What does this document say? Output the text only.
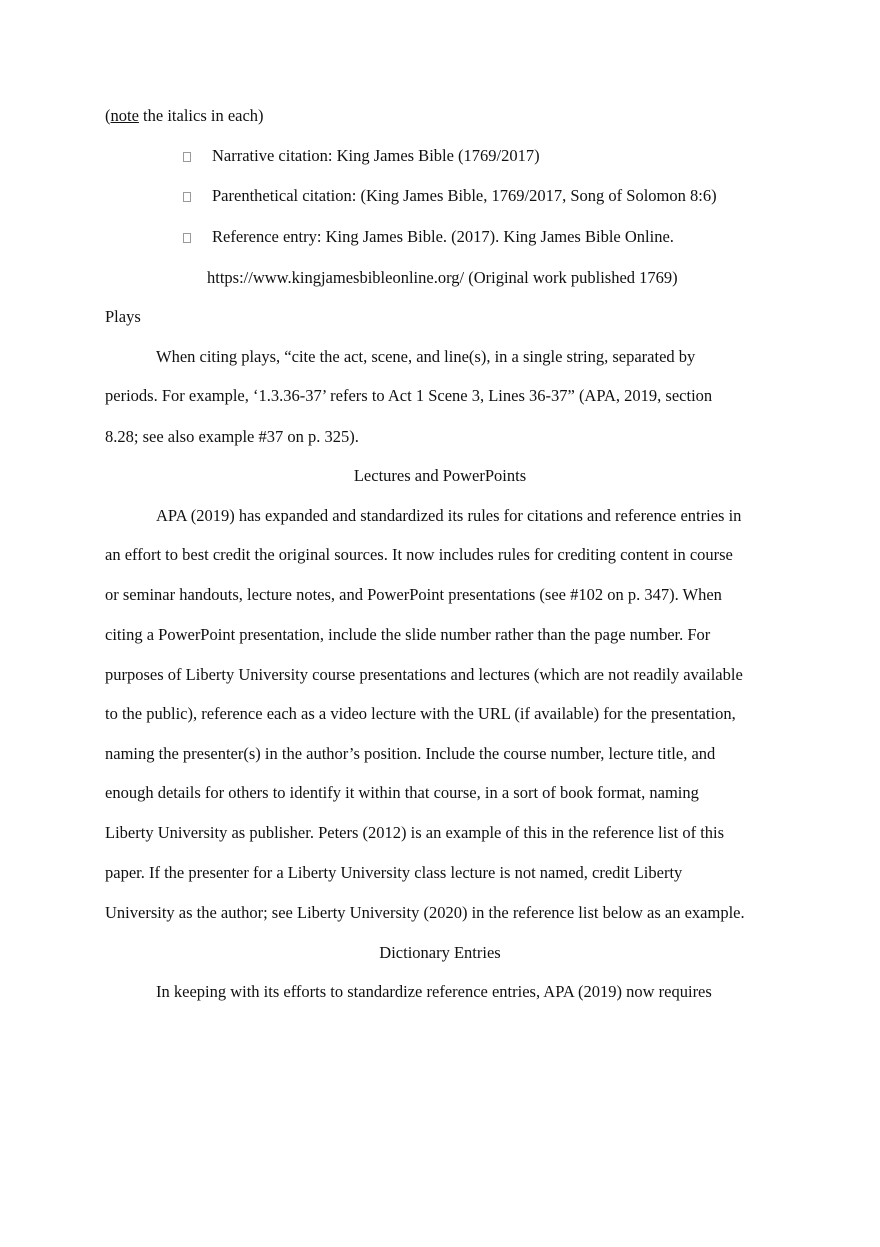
(note the italics in each)
Narrative citation: King James Bible (1769/2017)
Parenthetical citation: (King James Bible, 1769/2017, Song of Solomon 8:6)
Reference entry: King James Bible. (2017). King James Bible Online.
https://www.kingjamesbibleonline.org/ (Original work published 1769)
Plays
When citing plays, “cite the act, scene, and line(s), in a single string, separated by
periods. For example, ‘1.3.36-37’ refers to Act 1 Scene 3, Lines 36-37” (APA, 2019, section
8.28; see also example #37 on p. 325).
Lectures and PowerPoints
APA (2019) has expanded and standardized its rules for citations and reference entries in
an effort to best credit the original sources. It now includes rules for crediting content in course
or seminar handouts, lecture notes, and PowerPoint presentations (see #102 on p. 347). When
citing a PowerPoint presentation, include the slide number rather than the page number. For
purposes of Liberty University course presentations and lectures (which are not readily available
to the public), reference each as a video lecture with the URL (if available) for the presentation,
naming the presenter(s) in the author’s position. Include the course number, lecture title, and
enough details for others to identify it within that course, in a sort of book format, naming
Liberty University as publisher. Peters (2012) is an example of this in the reference list of this
paper. If the presenter for a Liberty University class lecture is not named, credit Liberty
University as the author; see Liberty University (2020) in the reference list below as an example.
Dictionary Entries
In keeping with its efforts to standardize reference entries, APA (2019) now requires
